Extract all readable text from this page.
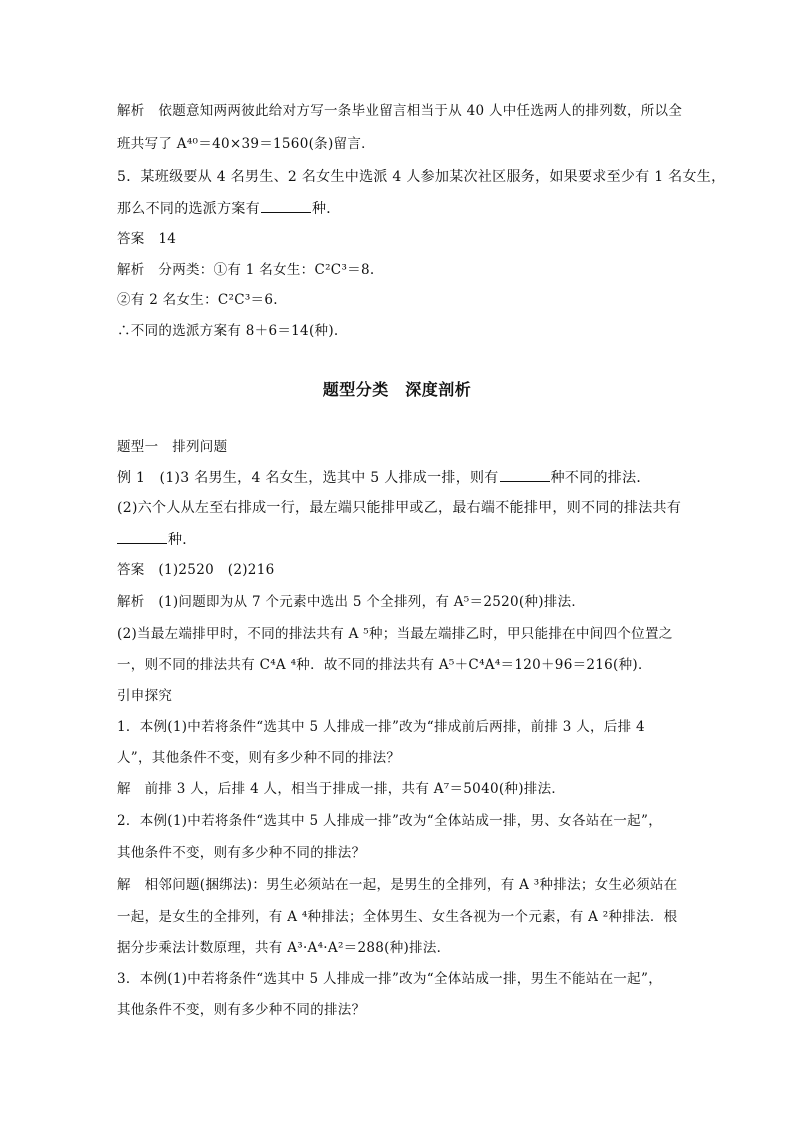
解析　依题意知两两彼此给对方写一条毕业留言相当于从 40 人中任选两人的排列数，所以全
班共写了 A⁴⁰＝40×39＝1560(条)留言．
5．某班级要从 4 名男生、2 名女生中选派 4 人参加某次社区服务，如果要求至少有 1 名女生，
那么不同的选派方案有	种．
答案　14
解析　分两类：①有 1 名女生：C²C³＝8.
②有 2 名女生：C²C³＝6.
∴不同的选派方案有 8＋6＝14(种).
题型分类　深度剖析
题型一　排列问题
例 1　(1)3 名男生，4 名女生，选其中 5 人排成一排，则有	种不同的排法．
(2)六个人从左至右排成一行，最左端只能排甲或乙，最右端不能排甲，则不同的排法共有
种．
答案　(1)2520　(2)216
解析　(1)问题即为从 7 个元素中选出 5 个全排列，有 A⁵＝2520(种)排法．
(2)当最左端排甲时，不同的排法共有 A ⁵种；当最左端排乙时，甲只能排在中间四个位置之
一，则不同的排法共有 C⁴A ⁴种．故不同的排法共有 A⁵＋C⁴A⁴＝120＋96＝216(种)．
引申探究
1．本例(1)中若将条件“选其中 5 人排成一排”改为“排成前后两排，前排 3 人，后排 4
人”，其他条件不变，则有多少种不同的排法？
解　前排 3 人，后排 4 人，相当于排成一排，共有 A⁷＝5040(种)排法．
2．本例(1)中若将条件“选其中 5 人排成一排”改为“全体站成一排，男、女各站在一起”，
其他条件不变，则有多少种不同的排法？
解　相邻问题(捆绑法)：男生必须站在一起，是男生的全排列，有 A ³种排法；女生必须站在
一起，是女生的全排列，有 A ⁴种排法；全体男生、女生各视为一个元素，有 A ²种排法．根
据分步乘法计数原理，共有 A³·A⁴·A²＝288(种)排法．
3．本例(1)中若将条件“选其中 5 人排成一排”改为“全体站成一排，男生不能站在一起”，
其他条件不变，则有多少种不同的排法？
